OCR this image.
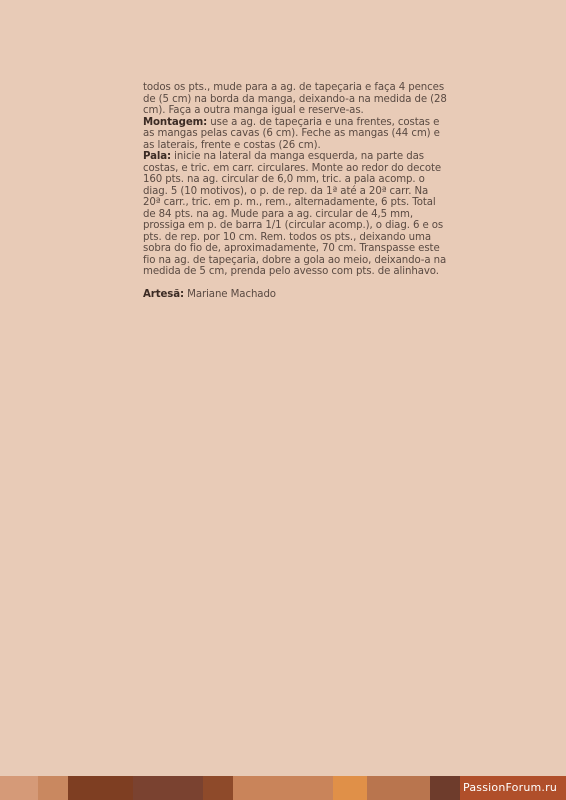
todos os pts., mude para a ag. de tapeçaria e faça 4 pences de (5 cm) na borda da manga, deixando-a na medida de (28 cm). Faça a outra manga igual e reserve-as.

Montagem: use a ag. de tapeçaria e una frentes, costas e as mangas pelas cavas (6 cm). Feche as mangas (44 cm) e as laterais, frente e costas (26 cm).

Pala: inicie na lateral da manga esquerda, na parte das costas, e tric. em carr. circulares. Monte ao redor do decote 160 pts. na ag. circular de 6,0 mm, tric. a pala acomp. o diag. 5 (10 motivos), o p. de rep. da 1ª até a 20ª carr. Na 20ª carr., tric. em p. m., rem., alternadamente, 6 pts. Total de 84 pts. na ag. Mude para a ag. circular de 4,5 mm, prossiga em p. de barra 1/1 (circular acomp.), o diag. 6 e os pts. de rep. por 10 cm. Rem. todos os pts., deixando uma sobra do fio de, aproximadamente, 70 cm. Transpasse este fio na ag. de tapeçaria, dobre a gola ao meio, deixando-a na medida de 5 cm, prenda pelo avesso com pts. de alinhavo.

Artesã: Mariane Machado

PassionForum.ru
